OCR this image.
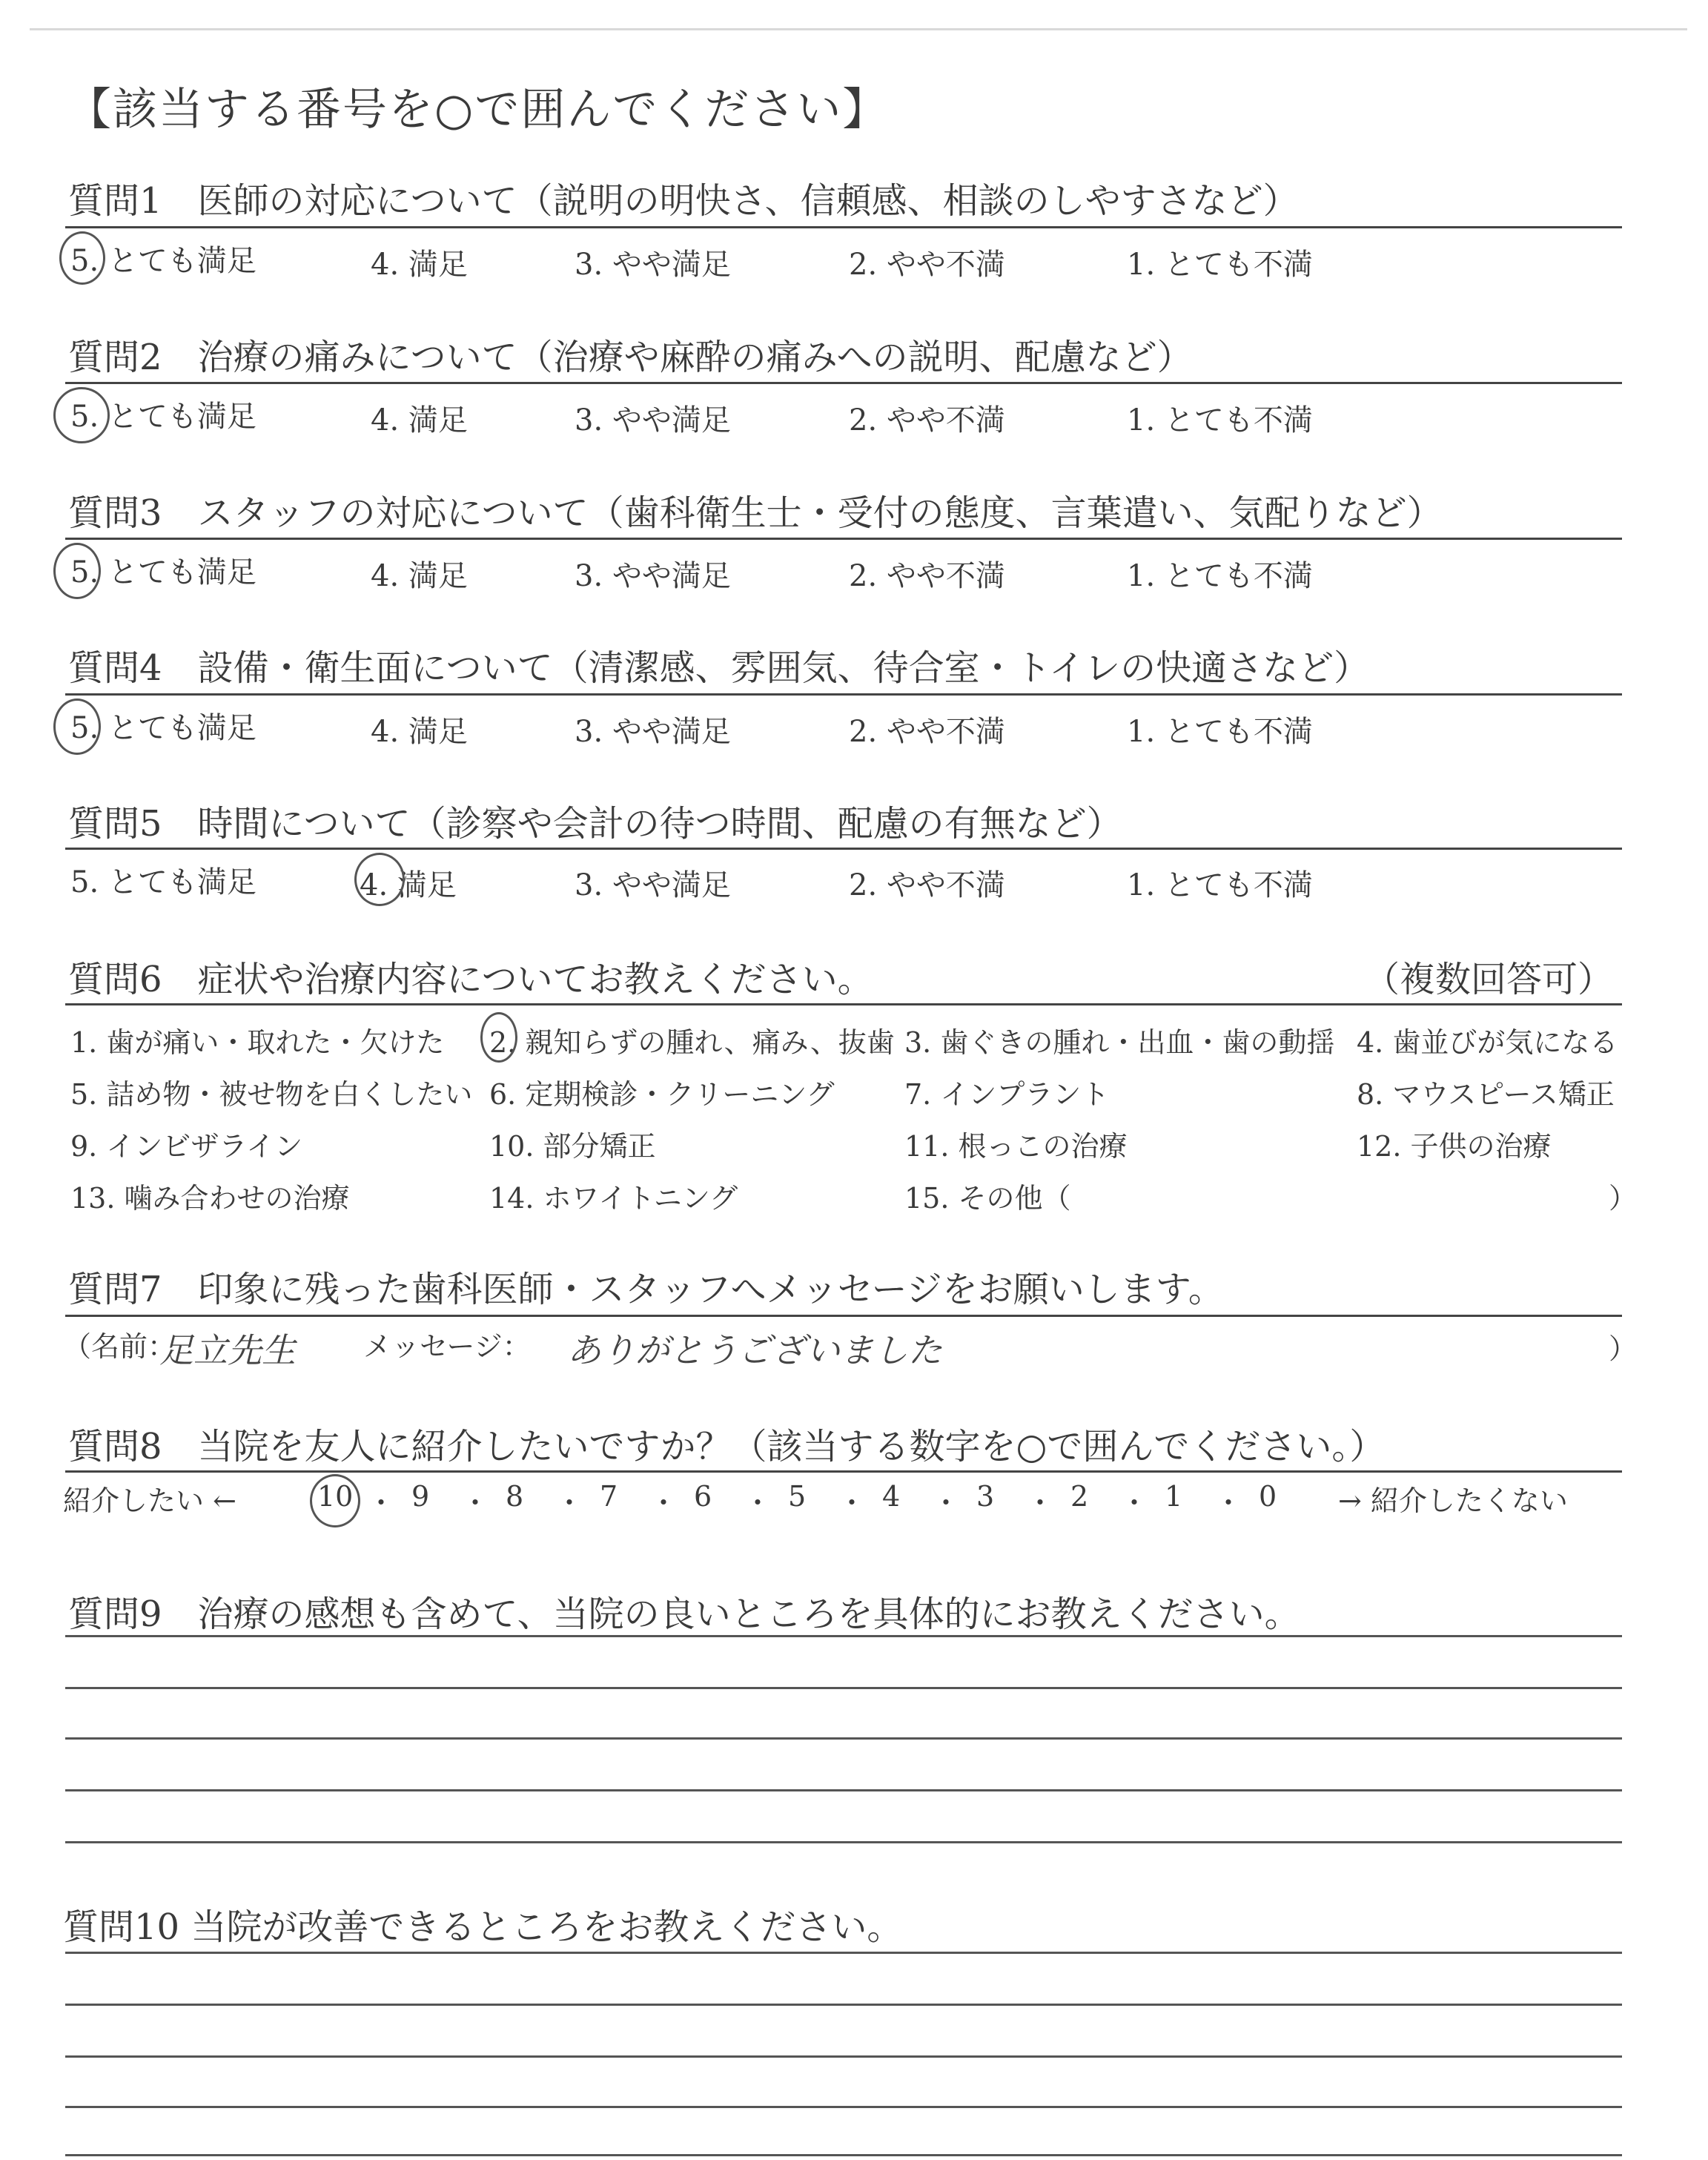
【該当する番号を○で囲んでください】
質問1　医師の対応について（説明の明快さ、信頼感、相談のしやすさなど）
5. とても満足	4. 満足	3. やや満足	2. やや不満	1. とても不満
質問2　治療の痛みについて（治療や麻酔の痛みへの説明、配慮など）
5. とても満足	4. 満足	3. やや満足	2. やや不満	1. とても不満
質問3　スタッフの対応について（歯科衛生士・受付の態度、言葉遣い、気配りなど）
5. とても満足	4. 満足	3. やや満足	2. やや不満	1. とても不満
質問4　設備・衛生面について（清潔感、雰囲気、待合室・トイレの快適さなど）
5. とても満足	4. 満足	3. やや満足	2. やや不満	1. とても不満
質問5　時間について（診察や会計の待つ時間、配慮の有無など）
5. とても満足	4. 満足	3. やや満足	2. やや不満	1. とても不満
質問6　症状や治療内容についてお教えください。	（複数回答可）
1. 歯が痛い・取れた・欠けた 2. 親知らずの腫れ、痛み、抜歯 3. 歯ぐきの腫れ・出血・歯の動揺 4. 歯並びが気になる
5. 詰め物・被せ物を白くしたい 6. 定期検診・クリーニング 7. インプラント	8. マウスピース矯正
9. インビザライン	10. 部分矯正	11. 根っこの治療	12. 子供の治療
13. 噛み合わせの治療	14. ホワイトニング	15. その他（	）
質問7　印象に残った歯科医師・スタッフへメッセージをお願いします。
（名前：
足立先生 メッセージ： ありがとうございました	）
質問8　当院を友人に紹介したいですか？（該当する数字を○で囲んでください。）
紹介したい ←	→ 紹介したくない
10 ・ 9 ・ 8 ・ 7 ・ 6 ・ 5 ・ 4 ・ 3 ・ 2 ・ 1 ・ 0
質問9　治療の感想も含めて、当院の良いところを具体的にお教えください。
質問10 当院が改善できるところをお教えください。
